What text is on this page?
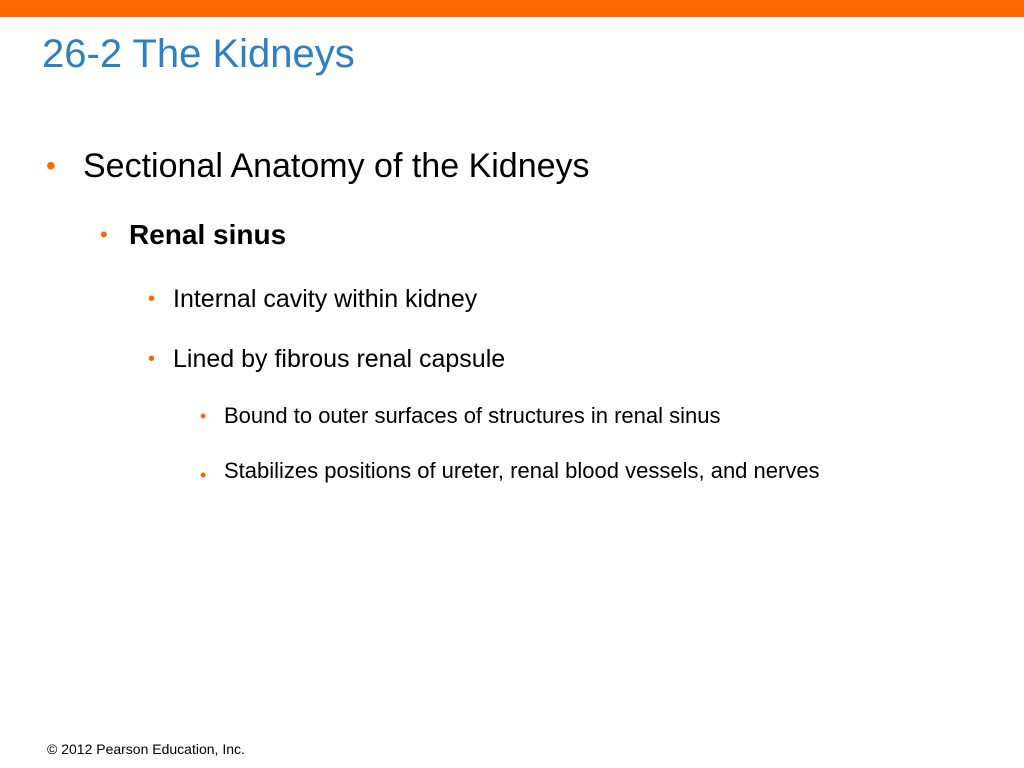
26-2 The Kidneys
• Sectional Anatomy of the Kidneys
• Renal sinus
• Internal cavity within kidney
• Lined by fibrous renal capsule
• Bound to outer surfaces of structures in renal sinus
• Stabilizes positions of ureter, renal blood vessels, and nerves
© 2012 Pearson Education, Inc.
